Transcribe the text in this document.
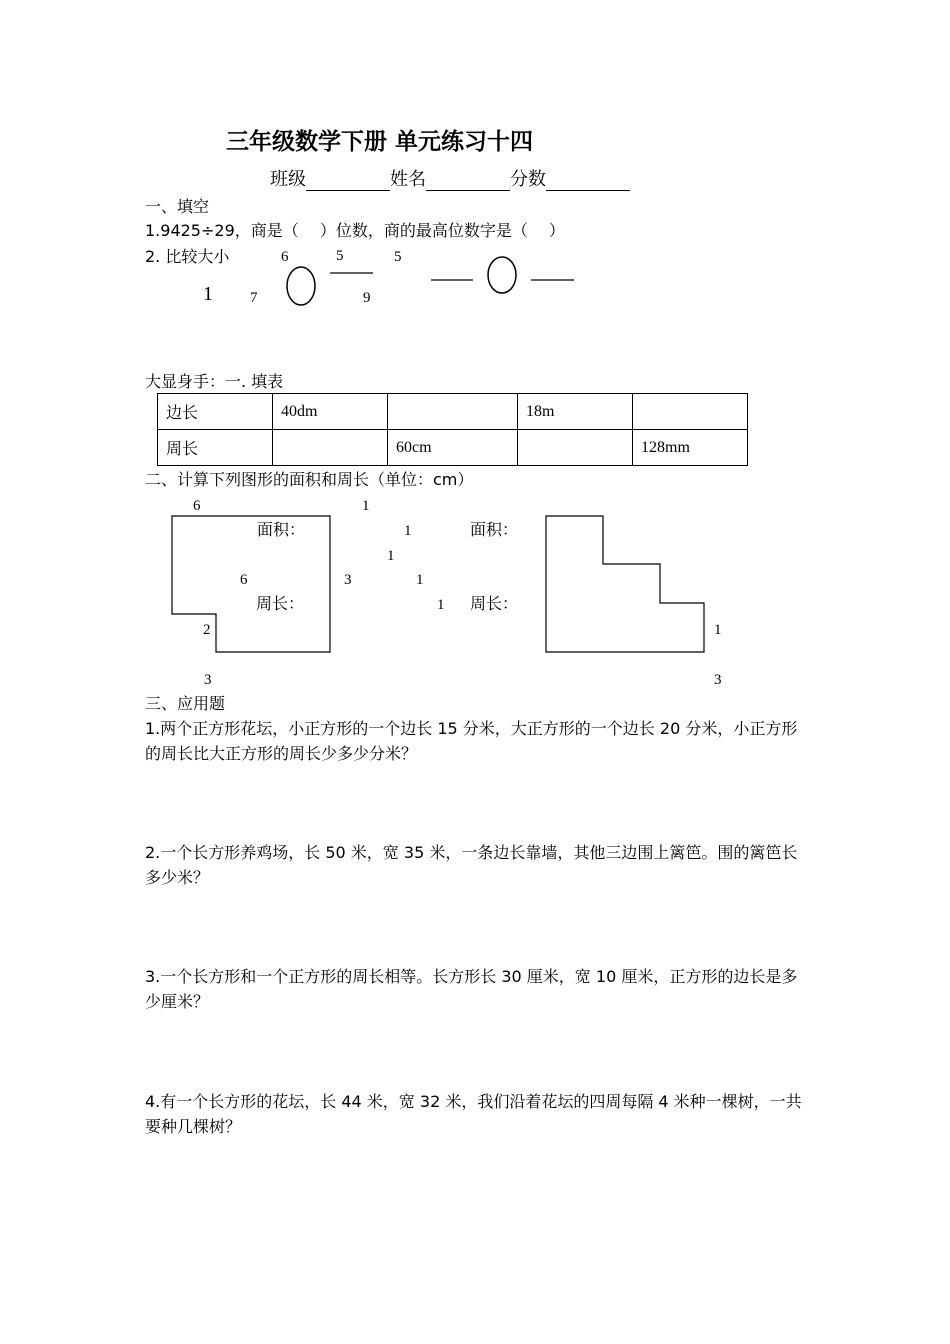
三年级数学下册 单元练习十四
班级	姓名	分数
一、填空
1.9425÷29，商是（　 ）位数，商的最高位数字是（　 ）
2. 比较大小	6	5	5
1 7	9
大显身手：一. 填表
边长	40dm		18m	
周长		60cm		128mm
二、计算下列图形的面积和周长（单位：cm）
6
面积：
6	3
周长：
2
3
1
1
1
1
1
面积：
周长：
1
3
三、应用题
1.两个正方形花坛，小正方形的一个边长 15 分米，大正方形的一个边长 20 分米，小正方形
的周长比大正方形的周长少多少分米？
2.一个长方形养鸡场，长 50 米，宽 35 米，一条边长靠墙，其他三边围上篱笆。围的篱笆长
多少米？
3.一个长方形和一个正方形的周长相等。长方形长 30 厘米，宽 10 厘米，正方形的边长是多
少厘米？
4.有一个长方形的花坛，长 44 米，宽 32 米，我们沿着花坛的四周每隔 4 米种一棵树，一共
要种几棵树？
